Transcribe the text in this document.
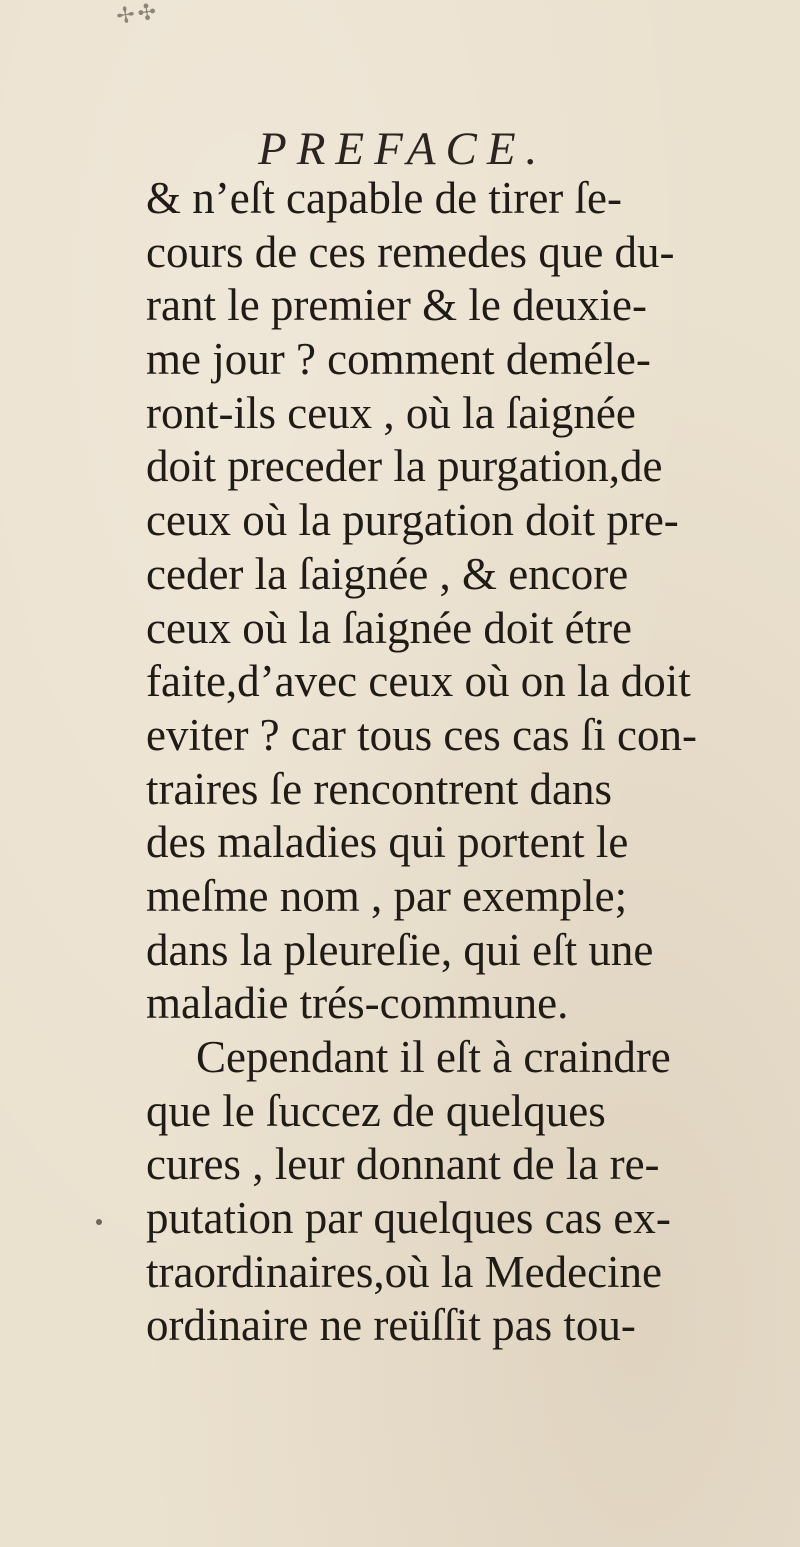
✢ ✣
PREFACE.
& n’eſt capable de tirer ſe-
cours de ces remedes que du-
rant le premier & le deuxie-
me jour ? comment deméle-
ront-ils ceux , où la ſaignée
doit preceder la purgation,de
ceux où la purgation doit pre-
ceder la ſaignée , & encore
ceux où la ſaignée doit étre
faite,d’avec ceux où on la doit
eviter ? car tous ces cas ſi con-
traires ſe rencontrent dans
des maladies qui portent le
meſme nom , par exemple;
dans la pleureſie, qui eſt une
maladie trés-commune.
Cependant il eſt à craindre
que le ſuccez de quelques
cures , leur donnant de la re-
putation par quelques cas ex-
traordinaires,où la Medecine
ordinaire ne reüſſit pas tou-
